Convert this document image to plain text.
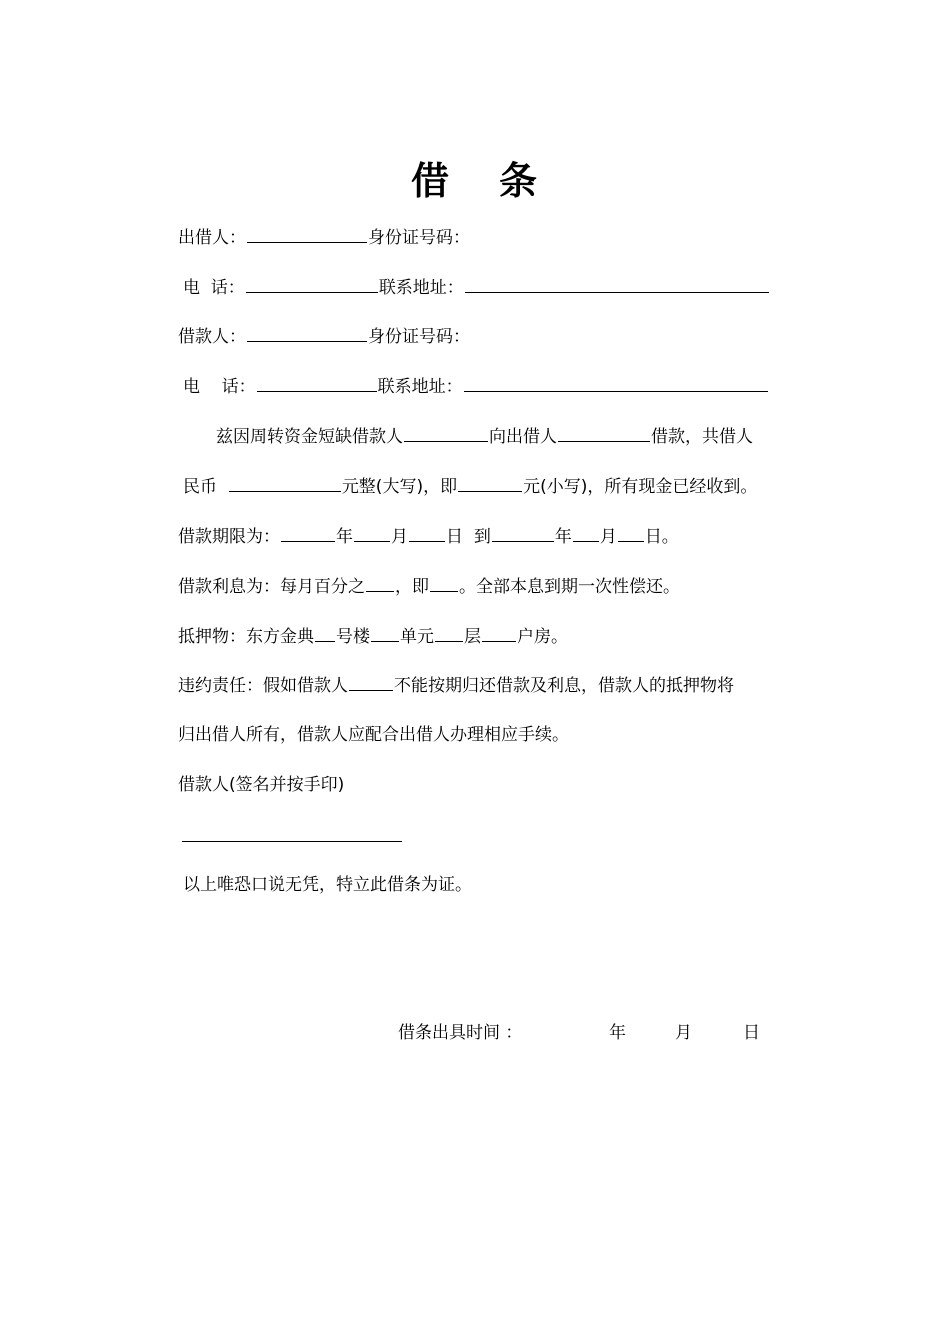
借 条
出借人：	身份证号码：
电  话：	联系地址：
借款人：	身份证号码：
电    话：	联系地址：
兹因周转资金短缺借款人	向出借人	借款，共借人
民币	元整(大写)，即	元(小写)，所有现金已经收到。
借款期限为：	年 月 日 到	年 月 日。
借款利息为：每月百分之 ，即 。全部本息到期一次性偿还。
抵押物：东方金典 号楼 单元 层 户房。
违约责任：假如借款人	不能按期归还借款及利息，借款人的抵押物将
归出借人所有，借款人应配合出借人办理相应手续。
借款人(签名并按手印)
以上唯恐口说无凭，特立此借条为证。
借条出具时间 ：	年	月	日
